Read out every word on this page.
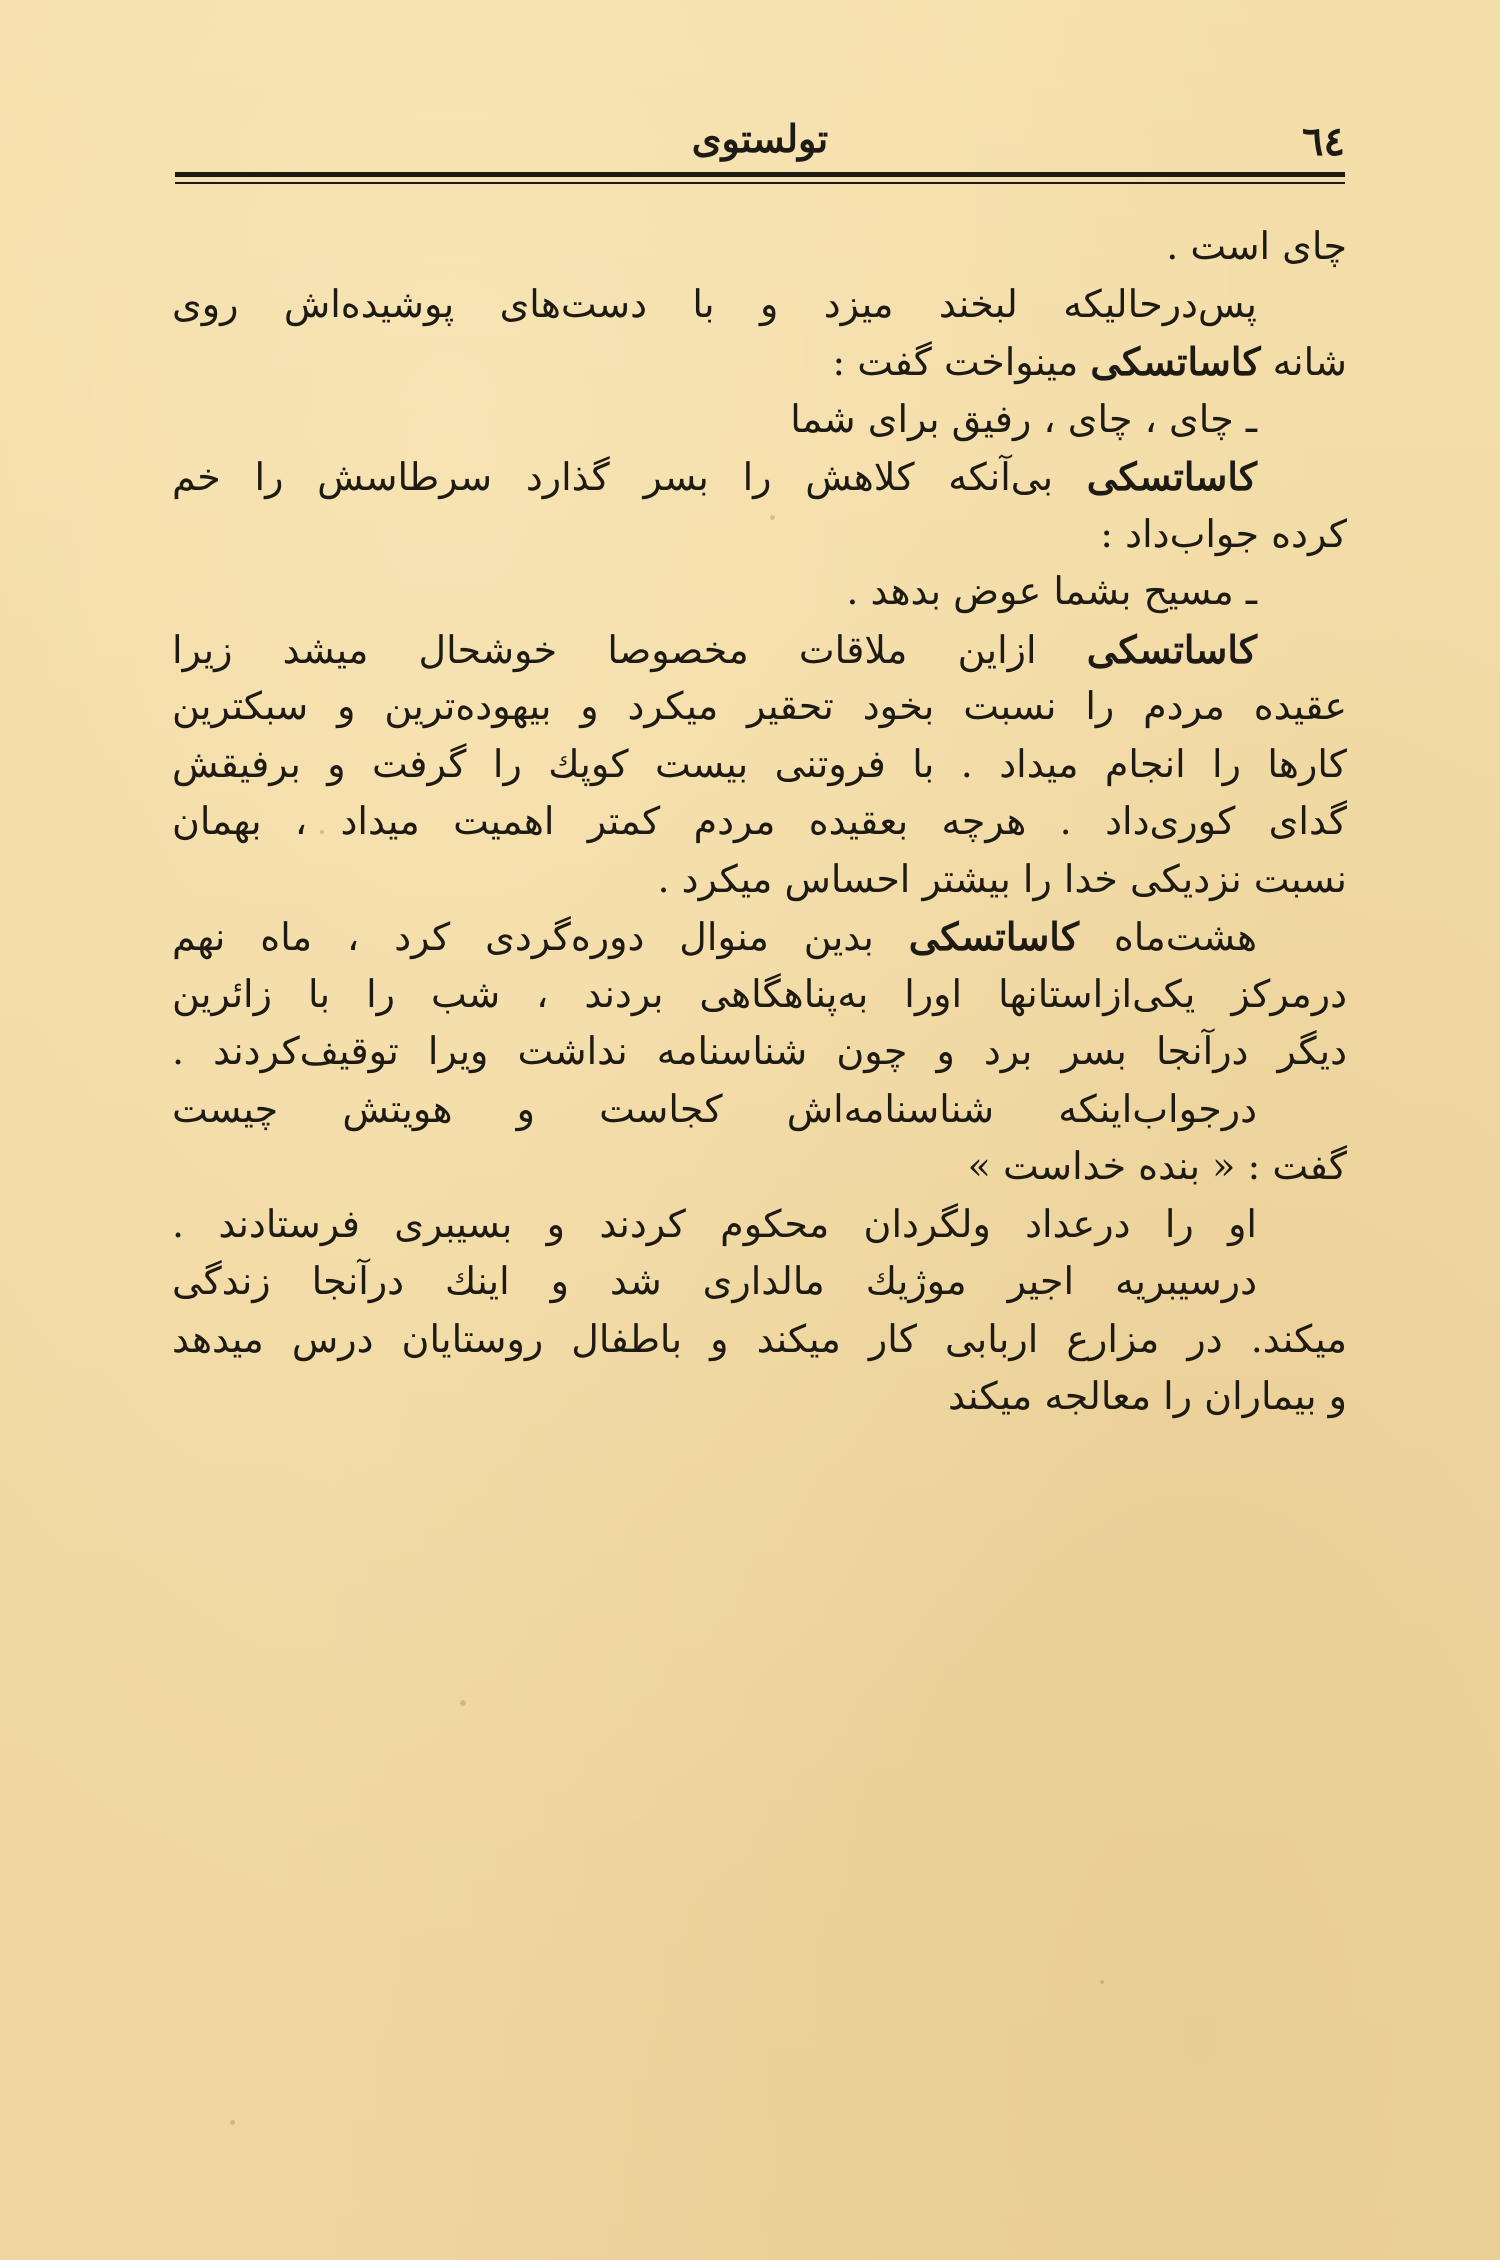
٦٤
تولستوی
چای است .
پس‌درحالیکه لبخند میزد و با دست‌های پوشیده‌اش روی
شانه کاساتسکی مینواخت گفت :
ـ چای ، چای ، رفیق برای شما
کاساتسکی بی‌آنکه کلاهش را بسر گذارد سرطاسش را خم
کرده جواب‌داد :
ـ مسیح بشما عوض بدهد .
کاساتسکی ازاین ملاقات مخصوصا خوشحال میشد زیرا
عقیده مردم را نسبت بخود تحقیر میکرد و بیهوده‌ترین و سبکترین
کارها را انجام میداد . با فروتنی بیست کوپك را گرفت و برفیقش
گدای کوری‌داد . هرچه بعقیده مردم کمتر اهمیت میداد ، بهمان
نسبت نزدیکی خدا را بیشتر احساس میکرد .
هشت‌ماه کاساتسکی بدین منوال دوره‌گردی کرد ، ماه نهم
درمرکز یکی‌ازاستانها اورا به‌پناهگاهی بردند ، شب را با زائرین
دیگر درآنجا بسر برد و چون شناسنامه نداشت ویرا توقیف‌کردند .
درجواب‌اینکه شناسنامه‌اش کجاست و هویتش چیست
گفت : « بنده خداست »
او را درعداد ولگردان محکوم کردند و بسیبری فرستادند .
درسیبریه اجیر موژیك مالداری شد و اینك درآنجا زندگی
میکند. در مزارع اربابی کار میکند و باطفال روستایان درس میدهد
و بیماران را معالجه میکند
